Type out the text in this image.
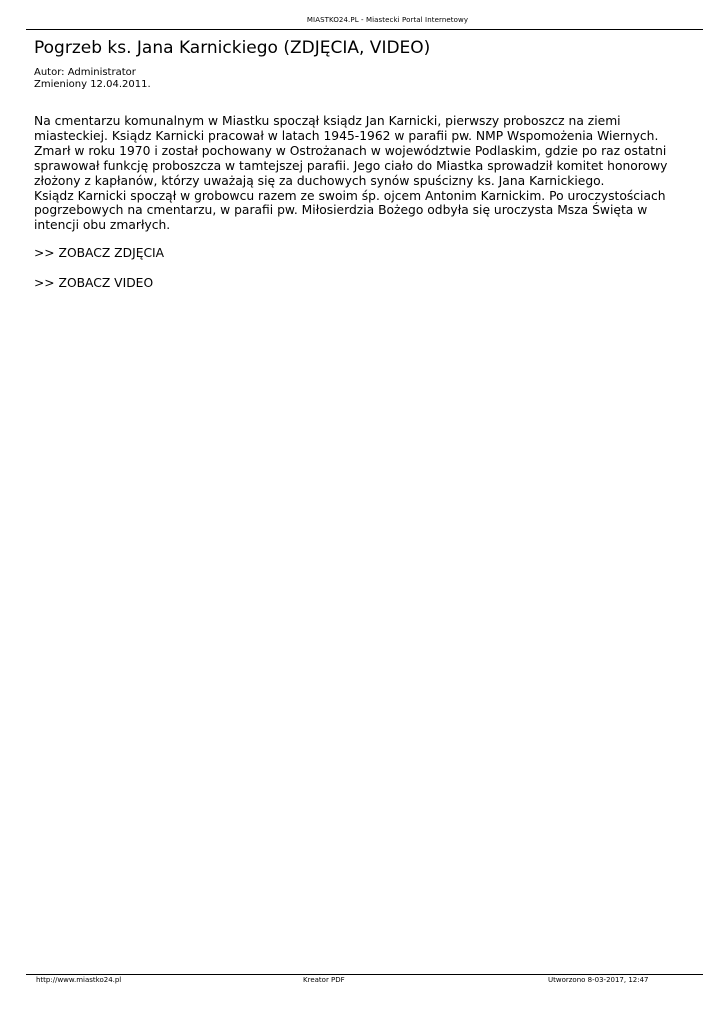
MIASTKO24.PL - Miastecki Portal Internetowy
Pogrzeb ks. Jana Karnickiego (ZDJĘCIA, VIDEO)
Autor: Administrator
Zmieniony 12.04.2011.

Na cmentarzu komunalnym w Miastku spoczął ksiądz Jan Karnicki, pierwszy proboszcz na ziemi miasteckiej. Ksiądz Karnicki pracował w latach 1945-1962 w parafii pw. NMP Wspomożenia Wiernych. Zmarł w roku 1970 i został pochowany w Ostrożanach w województwie Podlaskim, gdzie po raz ostatni sprawował funkcję proboszcza w tamtejszej parafii. Jego ciało do Miastka sprowadził komitet honorowy złożony z kapłanów, którzy uważają się za duchowych synów spuścizny ks. Jana Karnickiego.

Ksiądz Karnicki spoczął w grobowcu razem ze swoim śp. ojcem Antonim Karnickim. Po uroczystościach pogrzebowych na cmentarzu, w parafii pw. Miłosierdzia Bożego odbyła się uroczysta Msza Święta w intencji obu zmarłych.

>> ZOBACZ ZDJĘCIA
>> ZOBACZ VIDEO
http://www.miastko24.pl	Kreator PDF	Utworzono 8-03-2017, 12:47
